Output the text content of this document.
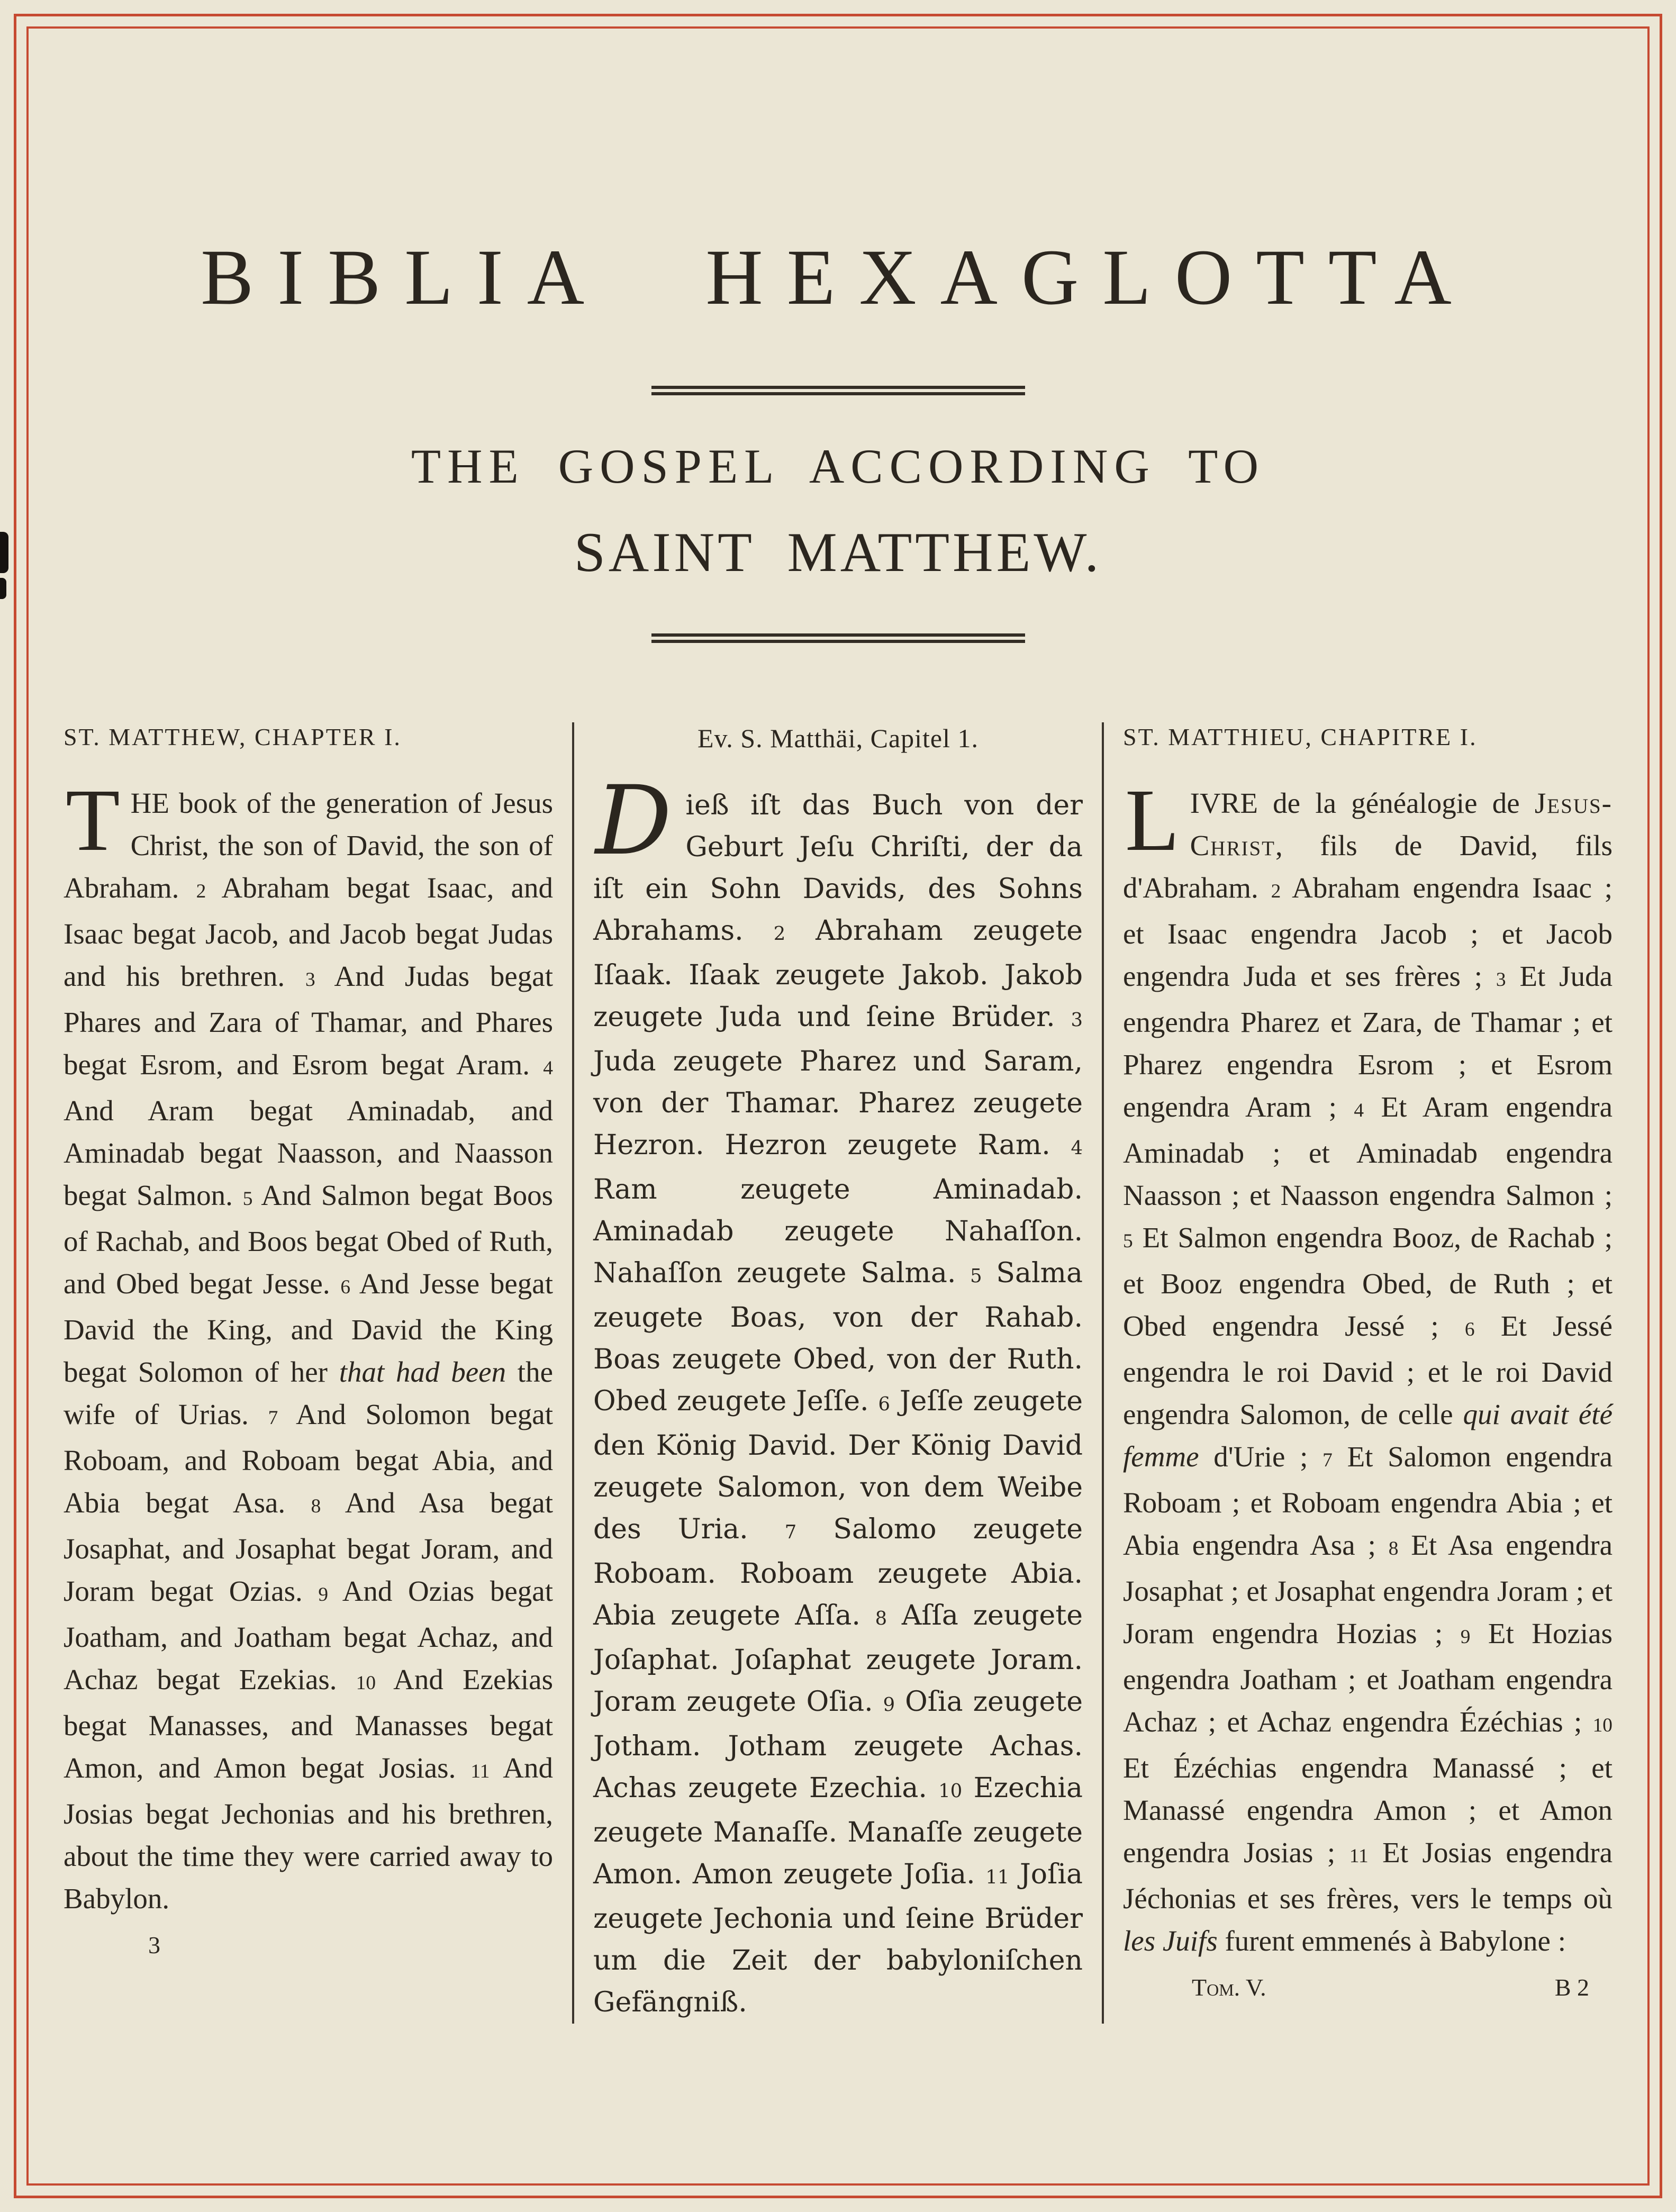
BIBLIA HEXAGLOTTA
THE GOSPEL ACCORDING TO
SAINT MATTHEW.
ST. MATTHEW, CHAPTER I.
THE book of the generation of Jesus Christ, the son of David, the son of Abraham. 2 Abraham begat Isaac, and Isaac begat Jacob, and Jacob begat Judas and his brethren. 3 And Judas begat Phares and Zara of Thamar, and Phares begat Esrom, and Esrom begat Aram. 4 And Aram begat Aminadab, and Aminadab begat Naasson, and Naasson begat Salmon. 5 And Salmon begat Boos of Rachab, and Boos begat Obed of Ruth, and Obed begat Jesse. 6 And Jesse begat David the King, and David the King begat Solomon of her that had been the wife of Urias. 7 And Solomon begat Roboam, and Roboam begat Abia, and Abia begat Asa. 8 And Asa begat Josaphat, and Josaphat begat Joram, and Joram begat Ozias. 9 And Ozias begat Joatham, and Joatham begat Achaz, and Achaz begat Ezekias. 10 And Ezekias begat Manasses, and Manasses begat Amon, and Amon begat Josias. 11 And Josias begat Jechonias and his brethren, about the time they were carried away to Babylon.
3
Ev. S. Matthäi, Capitel 1.
Dieß iſt das Buch von der Geburt Jeſu Chriſti, der da iſt ein Sohn Davids, des Sohns Abrahams. 2 Abraham zeugete Iſaak. Iſaak zeugete Jakob. Jakob zeugete Juda und ſeine Brüder. 3 Juda zeugete Pharez und Saram, von der Thamar. Pharez zeugete Hezron. Hezron zeugete Ram. 4 Ram zeugete Aminadab. Aminadab zeugete Nahaſſon. Nahaſſon zeugete Salma. 5 Salma zeugete Boas, von der Rahab. Boas zeugete Obed, von der Ruth. Obed zeugete Jeſſe. 6 Jeſſe zeugete den König David. Der König David zeugete Salomon, von dem Weibe des Uria. 7 Salomo zeugete Roboam. Roboam zeugete Abia. Abia zeugete Aſſa. 8 Aſſa zeugete Joſaphat. Joſaphat zeugete Joram. Joram zeugete Oſia. 9 Oſia zeugete Jotham. Jotham zeugete Achas. Achas zeugete Ezechia. 10 Ezechia zeugete Manaſſe. Manaſſe zeugete Amon. Amon zeugete Joſia. 11 Joſia zeugete Jechonia und ſeine Brüder um die Zeit der babyloniſchen Gefängniß.
ST. MATTHIEU, CHAPITRE I.
LIVRE de la généalogie de Jesus-Christ, fils de David, fils d'Abraham. 2 Abraham engendra Isaac ; et Isaac engendra Jacob ; et Jacob engendra Juda et ses frères ; 3 Et Juda engendra Pharez et Zara, de Thamar ; et Pharez engendra Esrom ; et Esrom engendra Aram ; 4 Et Aram engendra Aminadab ; et Aminadab engendra Naasson ; et Naasson engendra Salmon ; 5 Et Salmon engendra Booz, de Rachab ; et Booz engendra Obed, de Ruth ; et Obed engendra Jessé ; 6 Et Jessé engendra le roi David ; et le roi David engendra Salomon, de celle qui avait été femme d'Urie ; 7 Et Salomon engendra Roboam ; et Roboam engendra Abia ; et Abia engendra Asa ; 8 Et Asa engendra Josaphat ; et Josaphat engendra Joram ; et Joram engendra Hozias ; 9 Et Hozias engendra Joatham ; et Joatham engendra Achaz ; et Achaz engendra Ézéchias ; 10 Et Ézéchias engendra Manassé ; et Manassé engendra Amon ; et Amon engendra Josias ; 11 Et Josias engendra Jéchonias et ses frères, vers le temps où les Juifs furent emmenés à Babylone :
Tom. V.	B 2
